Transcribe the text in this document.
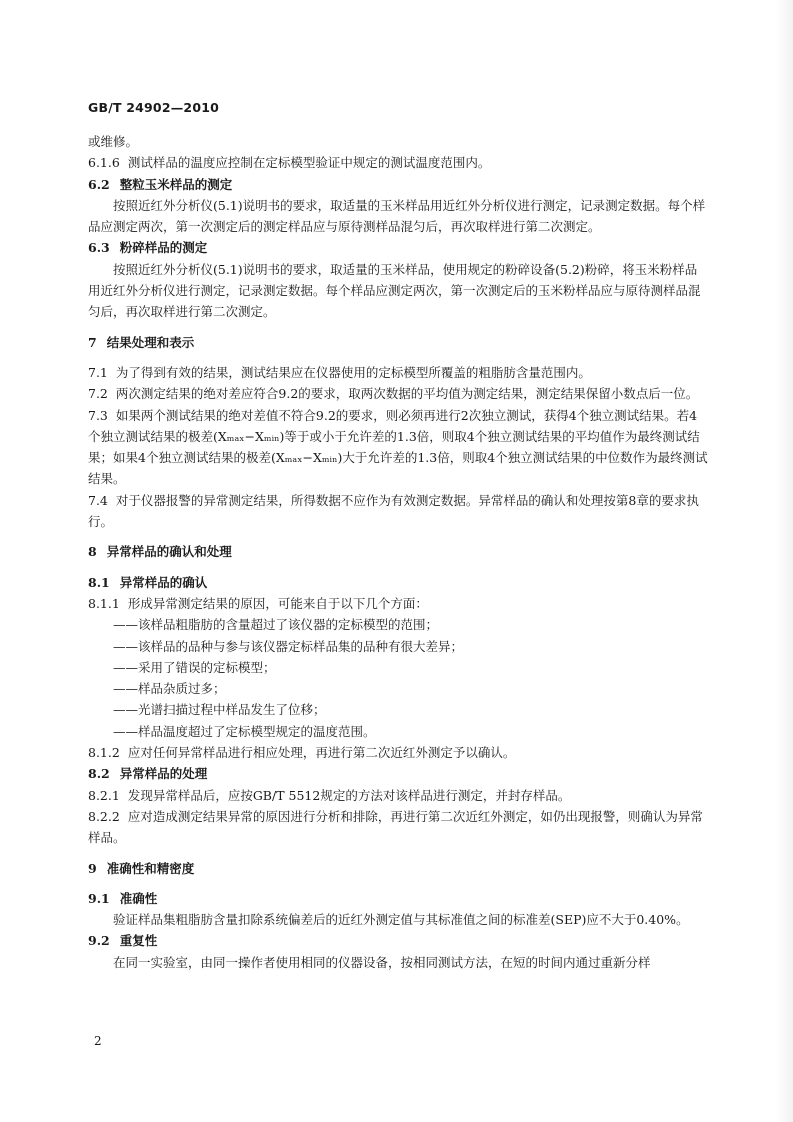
GB/T 24902—2010

或维修。

6.1.6 测试样品的温度应控制在定标模型验证中规定的测试温度范围内。

6.2 整粒玉米样品的测定

按照近红外分析仪(5.1)说明书的要求，取适量的玉米样品用近红外分析仪进行测定，记录测定数据。每个样品应测定两次，第一次测定后的测定样品应与原待测样品混匀后，再次取样进行第二次测定。

6.3 粉碎样品的测定

按照近红外分析仪(5.1)说明书的要求，取适量的玉米样品，使用规定的粉碎设备(5.2)粉碎，将玉米粉样品用近红外分析仪进行测定，记录测定数据。每个样品应测定两次，第一次测定后的玉米粉样品应与原待测样品混匀后，再次取样进行第二次测定。

7 结果处理和表示

7.1 为了得到有效的结果，测试结果应在仪器使用的定标模型所覆盖的粗脂肪含量范围内。

7.2 两次测定结果的绝对差应符合9.2的要求，取两次数据的平均值为测定结果，测定结果保留小数点后一位。

7.3 如果两个测试结果的绝对差值不符合9.2的要求，则必须再进行2次独立测试，获得4个独立测试结果。若4个独立测试结果的极差(Xₘₐₓ−Xₘᵢₙ)等于或小于允许差的1.3倍，则取4个独立测试结果的平均值作为最终测试结果；如果4个独立测试结果的极差(Xₘₐₓ−Xₘᵢₙ)大于允许差的1.3倍，则取4个独立测试结果的中位数作为最终测试结果。

7.4 对于仪器报警的异常测定结果，所得数据不应作为有效测定数据。异常样品的确认和处理按第8章的要求执行。

8 异常样品的确认和处理

8.1 异常样品的确认

8.1.1 形成异常测定结果的原因，可能来自于以下几个方面：

——该样品粗脂肪的含量超过了该仪器的定标模型的范围；

——该样品的品种与参与该仪器定标样品集的品种有很大差异；

——采用了错误的定标模型；

——样品杂质过多；

——光谱扫描过程中样品发生了位移；

——样品温度超过了定标模型规定的温度范围。

8.1.2 应对任何异常样品进行相应处理，再进行第二次近红外测定予以确认。

8.2 异常样品的处理

8.2.1 发现异常样品后，应按GB/T 5512规定的方法对该样品进行测定，并封存样品。

8.2.2 应对造成测定结果异常的原因进行分析和排除，再进行第二次近红外测定，如仍出现报警，则确认为异常样品。

9 准确性和精密度

9.1 准确性

验证样品集粗脂肪含量扣除系统偏差后的近红外测定值与其标准值之间的标准差(SEP)应不大于0.40%。

9.2 重复性

在同一实验室，由同一操作者使用相同的仪器设备，按相同测试方法，在短的时间内通过重新分样

2
